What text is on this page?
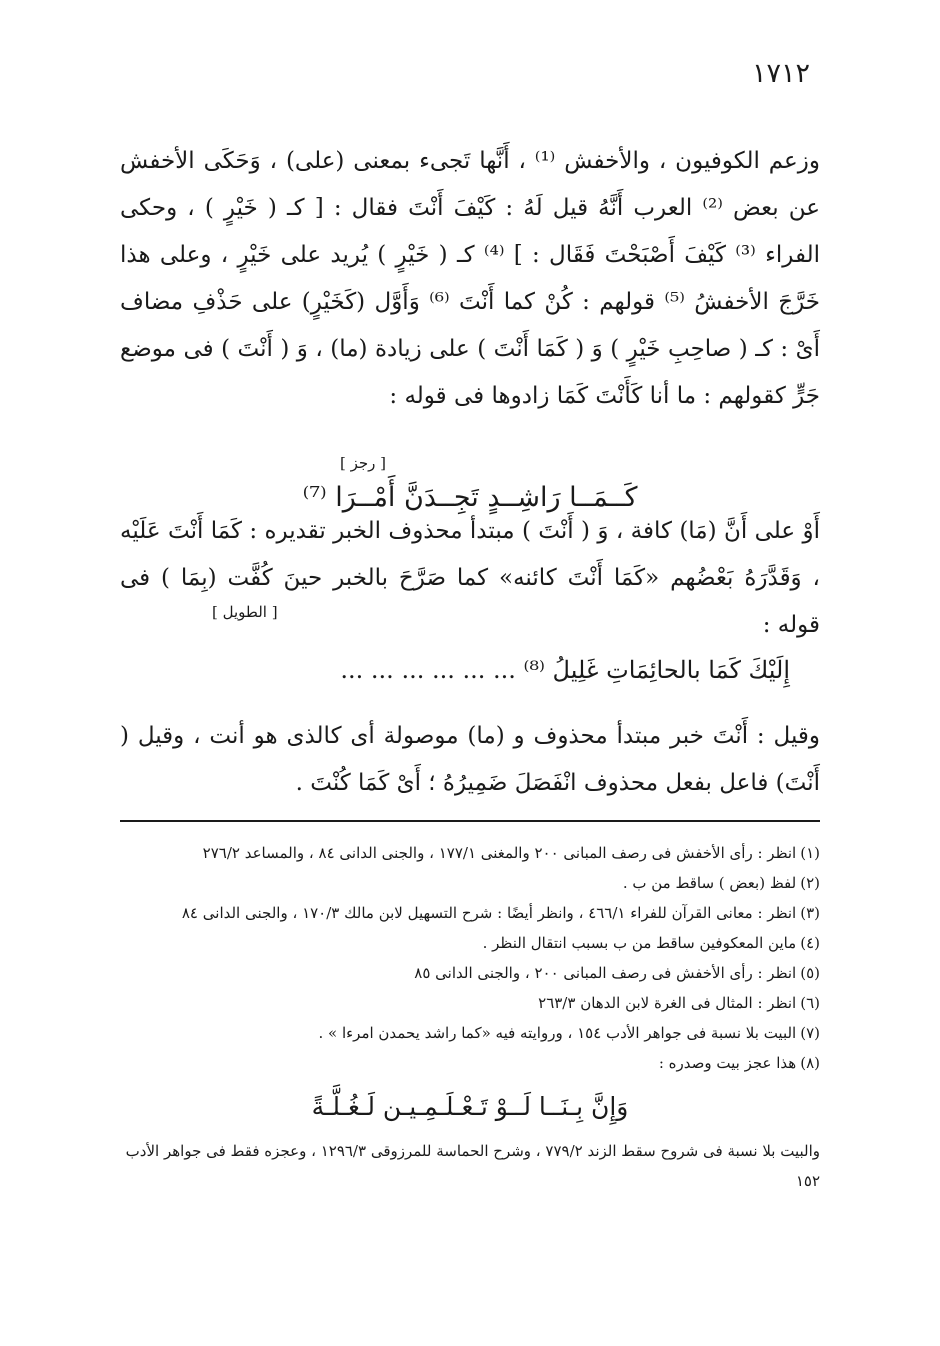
١٧١٢

وزعم الكوفيون ، والأخفش ⁽¹⁾ ، أَنَّها تَجىء بمعنى (على) ، وَحَكَى الأخفش عن بعض ⁽²⁾ العرب أَنَّهُ قيل لَهُ : كَيْفَ أَنْتَ فقال : [ كـ ( خَيْرٍ ) ، وحكى الفراء ⁽³⁾ كَيْفَ أَصْبَحْتَ فَقَال : ] ⁽⁴⁾ كـ ( خَيْرٍ ) يُريد على خَيْرٍ ، وعلى هذا خَرَّجَ الأخفشُ ⁽⁵⁾ قولهم : كُنْ كما أَنْتَ ⁽⁶⁾ وَأَوَّل (كَخَيْرٍ) على حَذْفِ مضاف أَىْ : كـ ( صاحِبِ خَيْرٍ ) وَ ( كَمَا أَنْتَ ) على زيادة (ما) ، وَ ( أَنْتَ ) فى موضع جَرٍّ كقولهم : ما أنا كَأَنْتَ كَمَا زادوها فى قوله :

[ رجز ]
كَــمَــا رَاشِــدٍ تَجِــدَنَّ أَمْــرَا ⁽⁷⁾

أَوْ على أَنَّ (مَا) كافة ، وَ ( أَنْتَ ) مبتدأ محذوف الخبر تقديره : كَمَا أَنْتَ عَلَيْه ، وَقَدَّرَهُ بَعْضُهم «كَمَا أَنْتَ كائنه» كما صَرَّحَ بالخبر حينَ كُفَّت (بِمَا ) فى قوله :

[ الطويل ]
إِلَيْكَ كَمَا بالحائِمَاتِ غَلِيلُ ⁽⁸⁾ ... ... ... ... ... ...

وقيل : أَنْتَ خبر مبتدأ محذوف و (ما) موصولة أى كالذى هو أنت ، وقيل ( أَنْتَ) فاعل بفعل محذوف انْفَصَلَ ضَمِيرُهُ ؛ أَىْ كَمَا كُنْتَ .

(١)انظر : رأى الأخفش فى رصف المبانى ٢٠٠ والمغنى ١٧٧/١ ، والجنى الدانى ٨٤ ، والمساعد ٢٧٦/٢

(٢)لفظ (بعض ) ساقط من ب .

(٣)انظر : معانى القرآن للفراء ٤٦٦/١ ، وانظر أيضًا : شرح التسهيل لابن مالك ١٧٠/٣ ، والجنى الدانى ٨٤

(٤)ماين المعكوفين ساقط من ب بسبب انتقال النظر .

(٥)انظر : رأى الأخفش فى رصف المبانى ٢٠٠ ، والجنى الدانى ٨٥

(٦)انظر : المثال فى الغرة لابن الدهان ٢٦٣/٣

(٧)البيت بلا نسبة فى جواهر الأدب ١٥٤ ، وروايته فيه «كما راشد يحمدن امرءا » .

(٨)هذا عجز بيت وصدره :

وَإِنَّ بِـنَــا لَــوْ تَـعْـلَـمِـيـن لَـغُـلَّـةً

والبيت بلا نسبة فى شروح سقط الزند ٧٧٩/٢ ، وشرح الحماسة للمرزوقى ١٢٩٦/٣ ، وعجزه فقط فى جواهر الأدب ١٥٢
